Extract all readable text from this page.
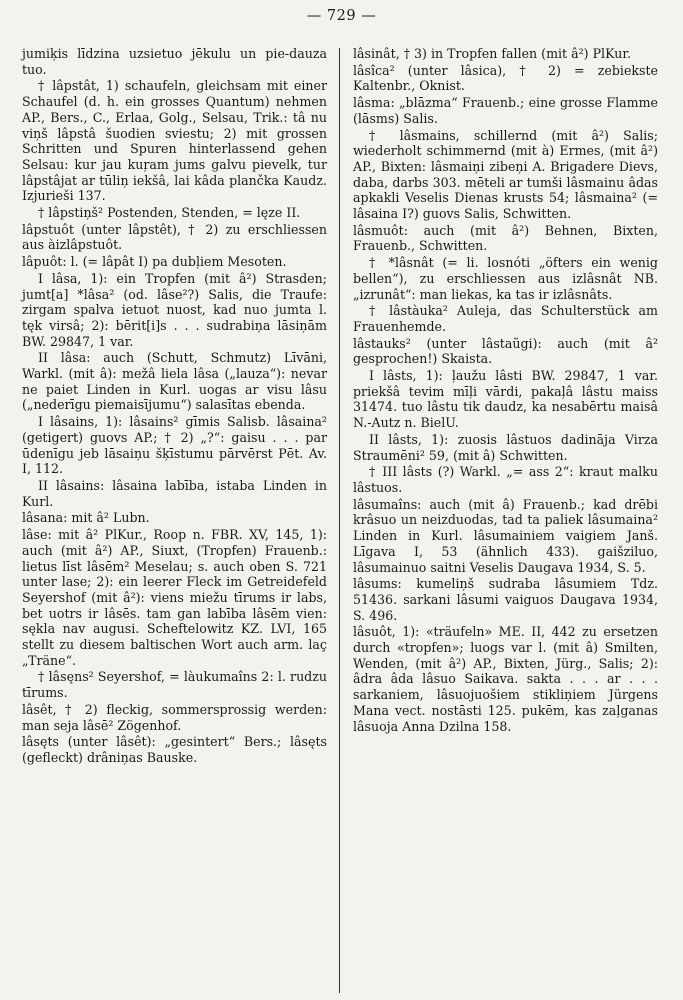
— 729 —

jumiķis līdzina uzsietuo jēkulu un pie-dauza tuo.

† lâpstât, 1) schaufeln, gleichsam mit einer Schaufel (d. h. ein grosses Quantum) nehmen AP., Bers., C., Erlaa, Golg., Selsau, Trik.: tâ nu viņš lâpstâ šuodien sviestu; 2) mit grossen Schritten und Spuren hinterlassend gehen Selsau: kur jau kuŗam jums galvu pievelk, tur lâpstâjat ar tūliņ iekšâ, lai kâda plančka Kaudz. Izjurieši 137.

† lâpstiņš² Postenden, Stenden, = lęze II.

lâpstuôt (unter lâpstêt), † 2) zu erschliessen aus àizlâpstuôt.

lâpuôt: l. (= lâpât I) pa dubļiem Mesoten.

I lâsa, 1): ein Tropfen (mit â²) Strasden; jumt[a] *lâsa² (od. lâse²?) Salis, die Traufe: zirgam spalva ietuot nuost, kad nuo jumta l. tęk virsâ; 2): bērit[i]s . . . sudrabiņa lāsiņām BW. 29847, 1 var.

II lâsa: auch (Schutt, Schmutz) Līvāni, Warkl. (mit â): mežâ liela lâsa („lauza“): nevar ne paiet Linden in Kurl. uogas ar visu lâsu („nederīgu piemaisījumu“) salasītas ebenda.

I lâsains, 1): lâsains² gīmis Salisb. lâsaina² (getigert) guovs AP.; † 2) „?“: gaisu . . . par ūdenīgu jeb lāsaiņu šķīstumu pārvērst Pēt. Av. I, 112.

II lâsains: lâsaina labība, istaba Linden in Kurl.

lâsana: mit â² Lubn.

lâse: mit â² PlKur., Roop n. FBR. XV, 145, 1): auch (mit â²) AP., Siuxt, (Tropfen) Frauenb.: lietus līst lâsēm² Meselau; s. auch oben S. 721 unter lase; 2): ein leerer Fleck im Getreidefeld Seyershof (mit â²): viens miežu tīrums ir labs, bet uotrs ir lâsēs. tam gan labība lâsēm vien: sękla nav augusi. Scheftelowitz KZ. LVI, 165 stellt zu diesem baltischen Wort auch arm. laç „Träne“.

† lâsęns² Seyershof, = làukumaîns 2: l. rudzu tīrums.

lâsêt, † 2) fleckig, sommersprossig werden: man seja lâsē² Zögenhof.

lâsęts (unter lâsêt): „gesintert“ Bers.; lâsęts (gefleckt) drâniņas Bauske.

lâsinât, † 3) in Tropfen fallen (mit â²) PlKur.

lâsîca² (unter lâsica), † 2) = zebiekste Kaltenbr., Oknist.

lâsma: „blāzma“ Frauenb.; eine grosse Flamme (lāsms) Salis.

† lâsmains, schillernd (mit â²) Salis; wiederholt schimmernd (mit à) Ermes, (mit â²) AP., Bixten: lâsmaiņi zibeņi A. Brigadere Dievs, daba, darbs 303. mēteli ar tumši lâsmainu âdas apkakli Veselis Dienas krusts 54; lâsmaina² (= lâsaina I?) guovs Salis, Schwitten.

lâsmuôt: auch (mit â²) Behnen, Bixten, Frauenb., Schwitten.

† *lâsnât (= li. losnóti „öfters ein wenig bellen“), zu erschliessen aus izlâsnât NB. „izrunât“: man liekas, ka tas ir izlâsnâts.

† lâstàuka² Auleja, das Schulterstück am Frauenhemde.

lâstauks² (unter lâstaũgi): auch (mit â² gesprochen!) Skaista.

I lâsts, 1): ļaužu lâsti BW. 29847, 1 var. priekšâ tevim mīļi vārdi, pakaļâ lâstu maiss 31474. tuo lâstu tik daudz, ka nesabērtu maisâ N.-Autz n. BielU.

II lâsts, 1): zuosis lâstuos dadināja Virza Straumēni² 59, (mit â) Schwitten.

† III lâsts (?) Warkl. „= ass 2“: kraut malku lâstuos.

lâsumaîns: auch (mit â) Frauenb.; kad drēbi krâsuo un neizduodas, tad ta paliek lâsumaina² Linden in Kurl. lâsumainiem vaigiem Janš. Līgava I, 53 (ähnlich 433). gaišziluo, lâsumainuo saitni Veselis Daugava 1934, S. 5.

lâsums: kumeliņš sudraba lâsumiem Tdz. 51436. sarkani lâsumi vaiguos Daugava 1934, S. 496.

lâsuôt, 1): «träufeln» ME. II, 442 zu ersetzen durch «tropfen»; luogs var l. (mit â) Smilten, Wenden, (mit â²) AP., Bixten, Jürg., Salis; 2): âdra âda lâsuo Saikava. sakta . . . ar . . . sarkaniem, lâsuojuošiem stikliņiem Jürgens Mana vect. nostāsti 125. pukēm, kas zaļganas lâsuoja Anna Dzilna 158.
